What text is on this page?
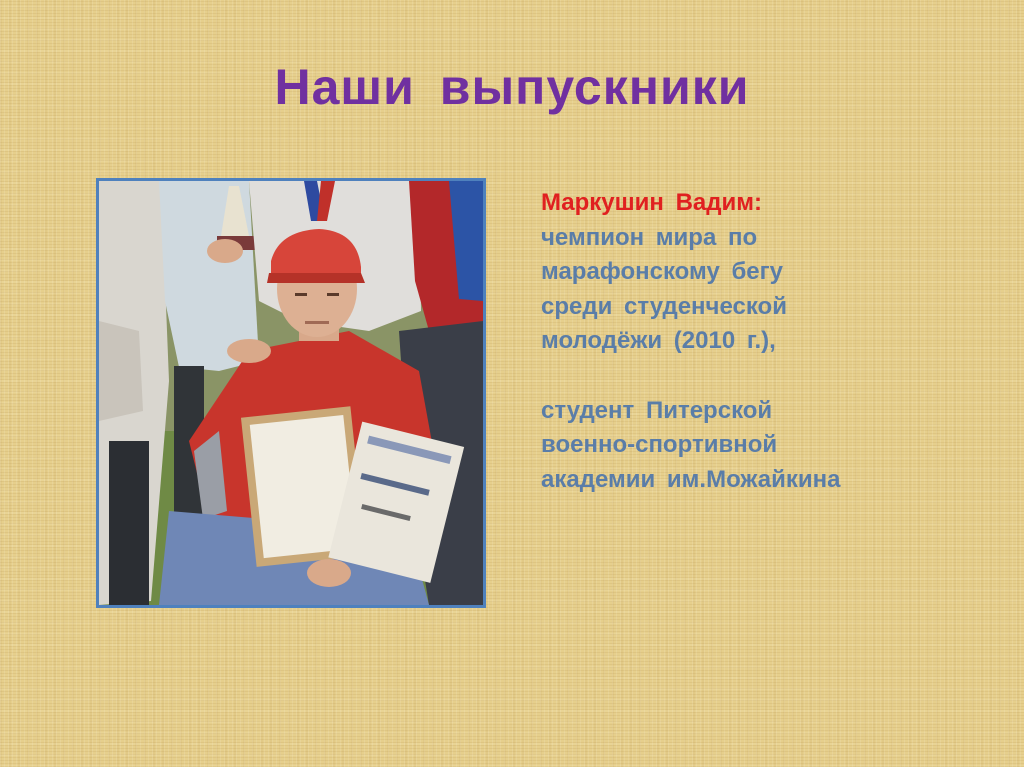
Наши выпускники
Маркушин Вадим:
чемпион мира по
марафонскому бегу
среди студенческой
молодёжи (2010 г.),
студент Питерской
военно-спортивной
академии им.Можайкина
